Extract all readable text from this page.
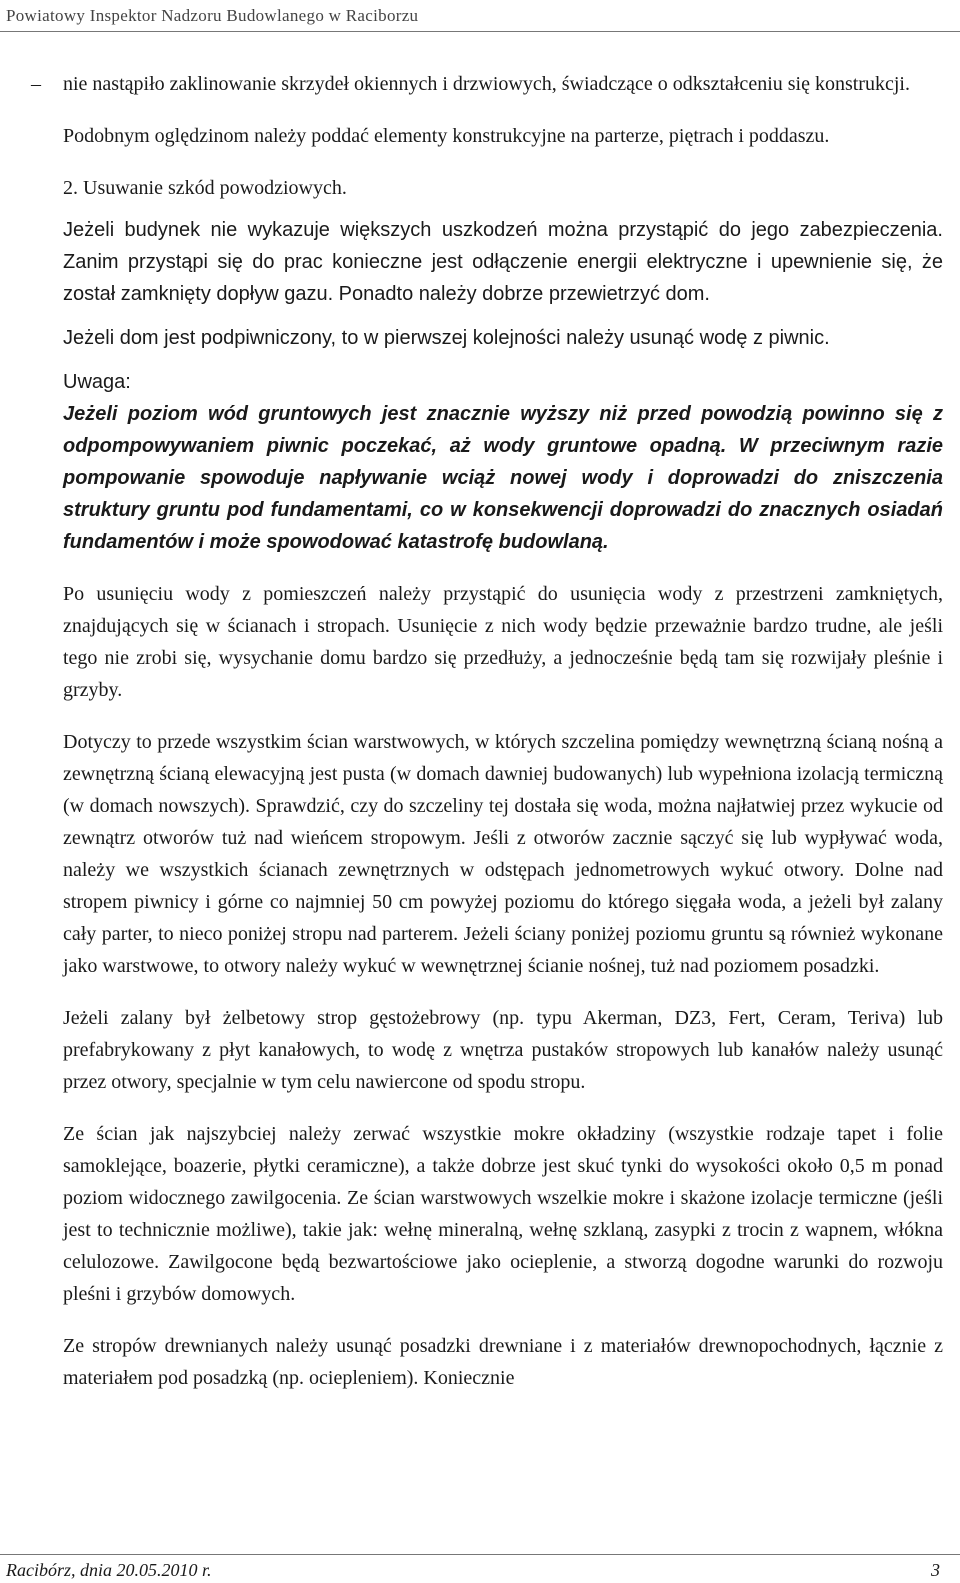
Powiatowy Inspektor Nadzoru Budowlanego w Raciborzu
– nie nastąpiło zaklinowanie skrzydeł okiennych i drzwiowych, świadczące o odkształceniu się konstrukcji.

Podobnym oględzinom należy poddać elementy konstrukcyjne na parterze, piętrach i poddaszu.

2. Usuwanie szkód powodziowych.

Jeżeli budynek nie wykazuje większych uszkodzeń można przystąpić do jego zabezpieczenia. Zanim przystąpi się do prac konieczne jest odłączenie energii elektryczne i upewnienie się, że został zamknięty dopływ gazu. Ponadto należy dobrze przewietrzyć dom.

Jeżeli dom jest podpiwniczony, to w pierwszej kolejności należy usunąć wodę z piwnic.

Uwaga:

Jeżeli poziom wód gruntowych jest znacznie wyższy niż przed powodzią powinno się z odpompowywaniem piwnic poczekać, aż wody gruntowe opadną. W przeciwnym razie pompowanie spowoduje napływanie wciąż nowej wody i doprowadzi do zniszczenia struktury gruntu pod fundamentami, co w konsekwencji doprowadzi do znacznych osiadań fundamentów i może spowodować katastrofę budowlaną.

Po usunięciu wody z pomieszczeń należy przystąpić do usunięcia wody z przestrzeni zamkniętych, znajdujących się w ścianach i stropach. Usunięcie z nich wody będzie przeważnie bardzo trudne, ale jeśli tego nie zrobi się, wysychanie domu bardzo się przedłuży, a jednocześnie będą tam się rozwijały pleśnie i grzyby.

Dotyczy to przede wszystkim ścian warstwowych, w których szczelina pomiędzy wewnętrzną ścianą nośną a zewnętrzną ścianą elewacyjną jest pusta (w domach dawniej budowanych) lub wypełniona izolacją termiczną (w domach nowszych). Sprawdzić, czy do szczeliny tej dostała się woda, można najłatwiej przez wykucie od zewnątrz otworów tuż nad wieńcem stropowym. Jeśli z otworów zacznie sączyć się lub wypływać woda, należy we wszystkich ścianach zewnętrznych w odstępach jednometrowych wykuć otwory. Dolne nad stropem piwnicy i górne co najmniej 50 cm powyżej poziomu do którego sięgała woda, a jeżeli był zalany cały parter, to nieco poniżej stropu nad parterem. Jeżeli ściany poniżej poziomu gruntu są również wykonane jako warstwowe, to otwory należy wykuć w wewnętrznej ścianie nośnej, tuż nad poziomem posadzki.

Jeżeli zalany był żelbetowy strop gęstożebrowy (np. typu Akerman, DZ3, Fert, Ceram, Teriva) lub prefabrykowany z płyt kanałowych, to wodę z wnętrza pustaków stropowych lub kanałów należy usunąć przez otwory, specjalnie w tym celu nawiercone od spodu stropu.

Ze ścian jak najszybciej należy zerwać wszystkie mokre okładziny (wszystkie rodzaje tapet i folie samoklejące, boazerie, płytki ceramiczne), a także dobrze jest skuć tynki do wysokości około 0,5 m ponad poziom widocznego zawilgocenia. Ze ścian warstwowych wszelkie mokre i skażone izolacje termiczne (jeśli jest to technicznie możliwe), takie jak: wełnę mineralną, wełnę szklaną, zasypki z trocin z wapnem, włókna celulozowe. Zawilgocone będą bezwartościowe jako ocieplenie, a stworzą dogodne warunki do rozwoju pleśni i grzybów domowych.

Ze stropów drewnianych należy usunąć posadzki drewniane i z materiałów drewnopochodnych, łącznie z materiałem pod posadzką (np. ociepleniem). Koniecznie

Racibórz, dnia 20.05.2010 r.	3
